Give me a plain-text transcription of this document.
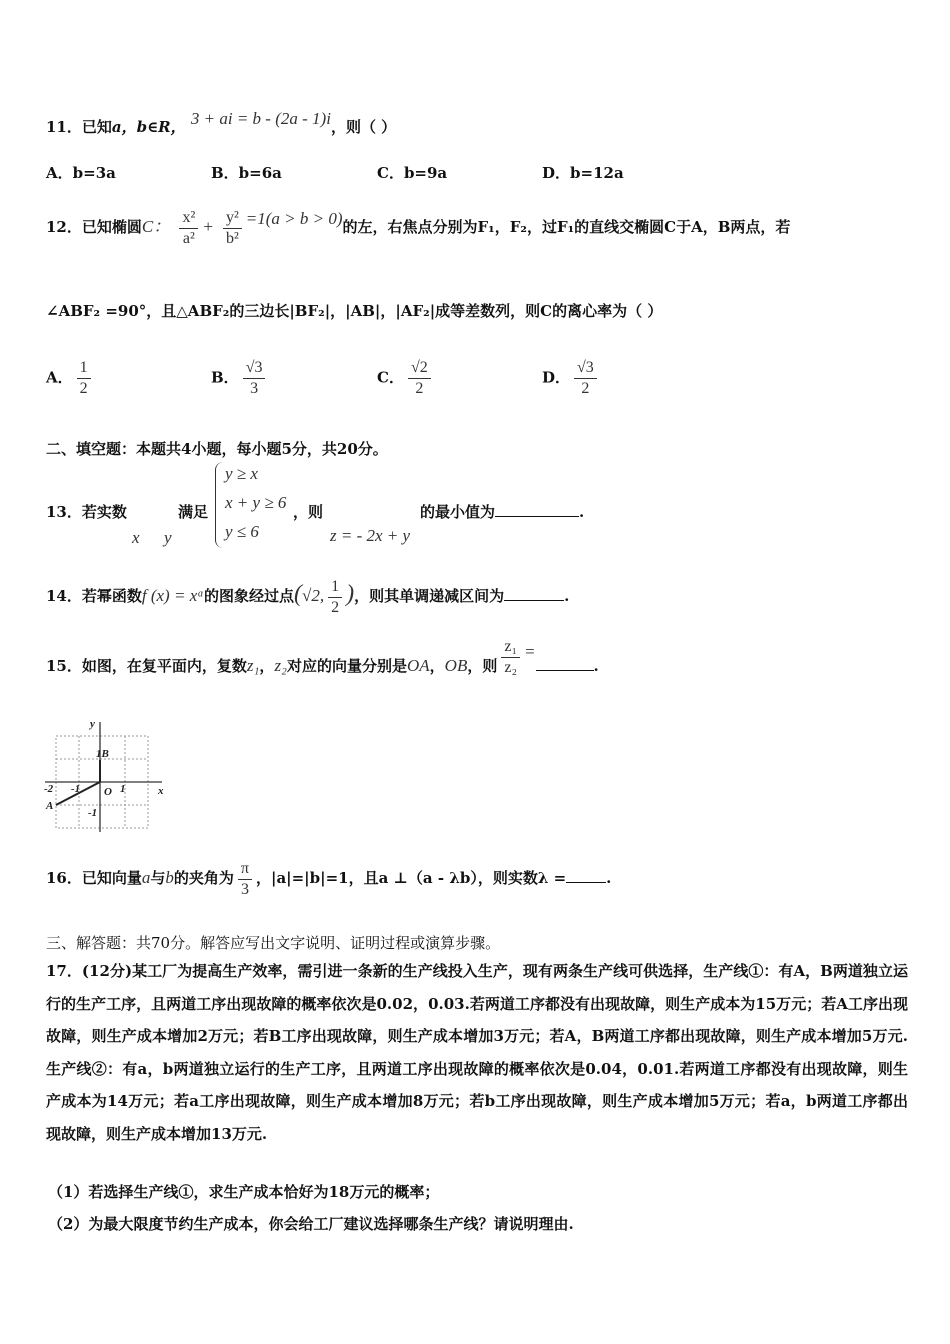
11．已知a，b∈R， 3 + ai = b - (2a - 1)i，则（ ）
A．b=3a	B．b=6a	C．b=9a	D．b=12a
12．已知椭圆C： $\frac{\text{x²}}{\text{a²}} + \frac{\text{y²}}{\text{b²}} =1(a > b > 0)$的左，右焦点分别为F₁，F₂，过F₁的直线交椭圆C于A，B两点，若
∠ABF₂ =90°，且△ABF₂的三边长|BF₂|，|AB|，|AF₂|成等差数列，则C的离心率为（ ）
A． $\frac{1}{2}$	B． $\frac{√3}{3}$	C． $\frac{√2}{2}$	D． $\frac{√3}{2}$
二、填空题：本题共4小题，每小题5分，共20分。
13．若实数
x y
满足
y ≥ x
x + y ≥ 6
y ≤ 6
，则
z = - 2x + y
的最小值为	.
14．若幂函数f (x) = xᵅ的图象经过点(√2, $\frac{1}{2}$ )，则其单调递减区间为	.
15．如图，在复平面内，复数z₁，z₂对应的向量分别是OA，OB，则 $\frac{\text{z₁}}{\text{z₂}}$ =.
y
x
O
1B
A
-2 -1	1
-1
16．已知向量a与b的夹角为 $\frac{\pi}{3}$ ，|a|=|b|=1，且a ⊥（a - λb），则实数λ =	.
三、解答题：共70分。解答应写出文字说明、证明过程或演算步骤。
17．(12分)某工厂为提高生产效率，需引进一条新的生产线投入生产，现有两条生产线可供选择，生产线①：有A，B两道独立运行的生产工序，且两道工序出现故障的概率依次是0.02，0.03.若两道工序都没有出现故障，则生产成本为15万元；若A工序出现故障，则生产成本增加2万元；若B工序出现故障，则生产成本增加3万元；若A，B两道工序都出现故障，则生产成本增加5万元.生产线②：有a，b两道独立运行的生产工序，且两道工序出现故障的概率依次是0.04，0.01.若两道工序都没有出现故障，则生产成本为14万元；若a工序出现故障，则生产成本增加8万元；若b工序出现故障，则生产成本增加5万元；若a，b两道工序都出现故障，则生产成本增加13万元.
（1）若选择生产线①，求生产成本恰好为18万元的概率；
（2）为最大限度节约生产成本，你会给工厂建议选择哪条生产线？请说明理由.
